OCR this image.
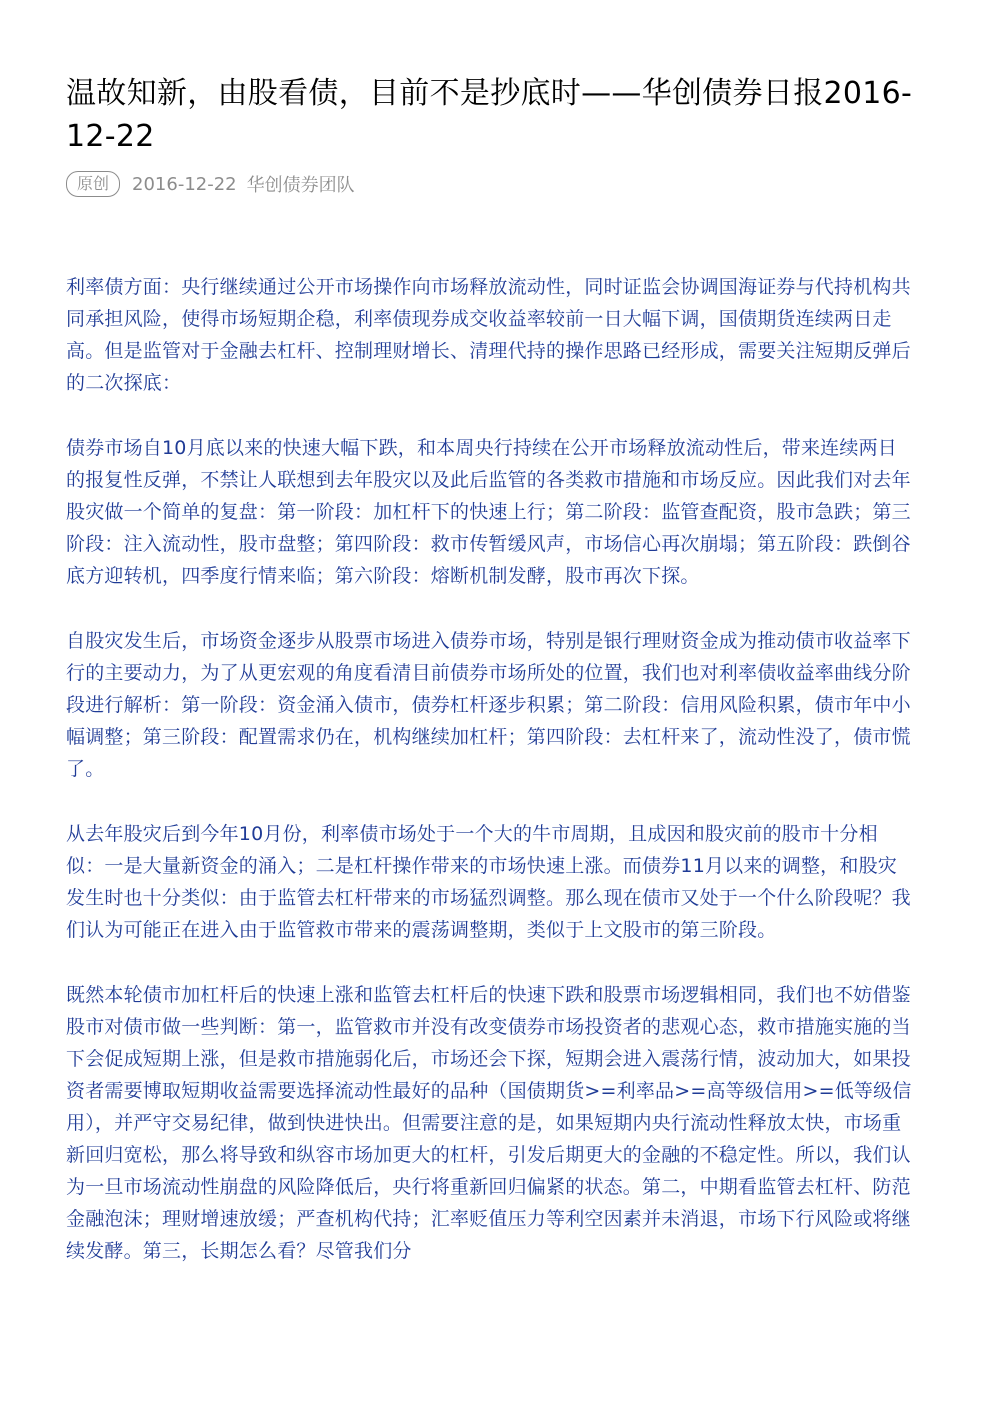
温故知新，由股看债，目前不是抄底时——华创债券日报2016-12-22
原创	2016-12-22 华创债券团队

利率债方面：央行继续通过公开市场操作向市场释放流动性，同时证监会协调国海证券与代持机构共同承担风险，使得市场短期企稳，利率债现券成交收益率较前一日大幅下调，国债期货连续两日走高。但是监管对于金融去杠杆、控制理财增长、清理代持的操作思路已经形成，需要关注短期反弹后的二次探底：

债券市场自10月底以来的快速大幅下跌，和本周央行持续在公开市场释放流动性后，带来连续两日的报复性反弹，不禁让人联想到去年股灾以及此后监管的各类救市措施和市场反应。因此我们对去年股灾做一个简单的复盘：第一阶段：加杠杆下的快速上行；第二阶段：监管查配资，股市急跌；第三阶段：注入流动性，股市盘整；第四阶段：救市传暂缓风声，市场信心再次崩塌；第五阶段：跌倒谷底方迎转机，四季度行情来临；第六阶段：熔断机制发酵，股市再次下探。

自股灾发生后，市场资金逐步从股票市场进入债券市场，特别是银行理财资金成为推动债市收益率下行的主要动力，为了从更宏观的角度看清目前债券市场所处的位置，我们也对利率债收益率曲线分阶段进行解析：第一阶段：资金涌入债市，债券杠杆逐步积累；第二阶段：信用风险积累，债市年中小幅调整；第三阶段：配置需求仍在，机构继续加杠杆；第四阶段：去杠杆来了，流动性没了，债市慌了。

从去年股灾后到今年10月份，利率债市场处于一个大的牛市周期，且成因和股灾前的股市十分相似：一是大量新资金的涌入；二是杠杆操作带来的市场快速上涨。而债券11月以来的调整，和股灾发生时也十分类似：由于监管去杠杆带来的市场猛烈调整。那么现在债市又处于一个什么阶段呢？我们认为可能正在进入由于监管救市带来的震荡调整期，类似于上文股市的第三阶段。

既然本轮债市加杠杆后的快速上涨和监管去杠杆后的快速下跌和股票市场逻辑相同，我们也不妨借鉴股市对债市做一些判断：第一，监管救市并没有改变债券市场投资者的悲观心态，救市措施实施的当下会促成短期上涨，但是救市措施弱化后，市场还会下探，短期会进入震荡行情，波动加大，如果投资者需要博取短期收益需要选择流动性最好的品种（国债期货>=利率品>=高等级信用>=低等级信用），并严守交易纪律，做到快进快出。但需要注意的是，如果短期内央行流动性释放太快，市场重新回归宽松，那么将导致和纵容市场加更大的杠杆，引发后期更大的金融的不稳定性。所以，我们认为一旦市场流动性崩盘的风险降低后，央行将重新回归偏紧的状态。第二，中期看监管去杠杆、防范金融泡沫；理财增速放缓；严查机构代持；汇率贬值压力等利空因素并未消退，市场下行风险或将继续发酵。第三，长期怎么看？尽管我们分
